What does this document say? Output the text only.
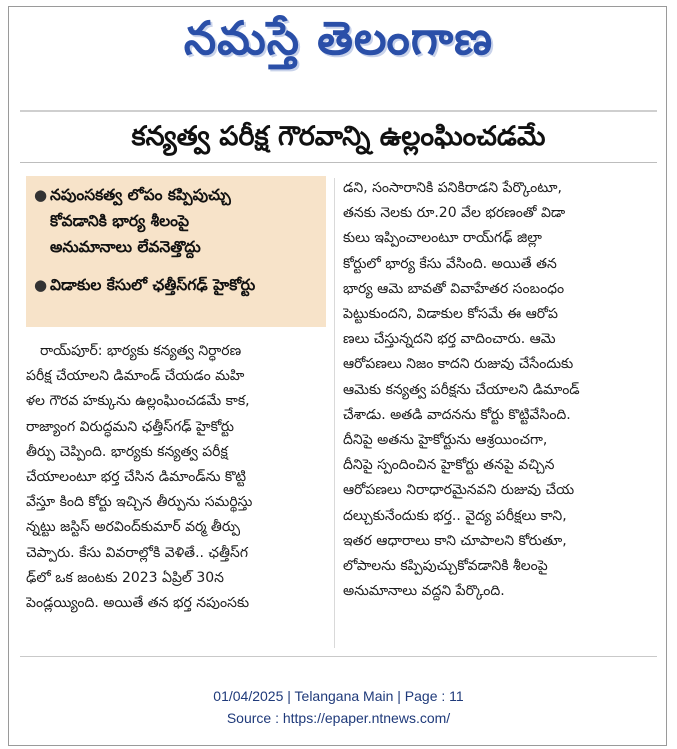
నమస్తే తెలంగాణ
కన్యత్వ పరీక్ష గౌరవాన్ని ఉల్లంఘించడమే
● నపుంసకత్వ లోపం కప్పిపుచ్చు
కోవడానికి భార్య శీలంపై
అనుమానాలు లేవనెత్తొద్దు
● విడాకుల కేసులో ఛత్తీస్‌గఢ్ హైకోర్టు
రాయ్‌పూర్: భార్యకు కన్యత్వ నిర్ధారణ
పరీక్ష చేయాలని డిమాండ్ చేయడం మహి
ళల గౌరవ హక్కును ఉల్లంఘించడమే కాక,
రాజ్యాంగ విరుద్ధమని ఛత్తీస్‌గఢ్ హైకోర్టు
తీర్పు చెప్పింది. భార్యకు కన్యత్వ పరీక్ష
చేయాలంటూ భర్త చేసిన డిమాండ్‌ను కొట్టి
వేస్తూ కింది కోర్టు ఇచ్చిన తీర్పును సమర్థిస్తు
న్నట్టు జస్టిస్ అరవింద్‌కుమార్ వర్మ తీర్పు
చెప్పారు. కేసు వివరాల్లోకి వెళితే.. ఛత్తీస్‌గ
ఢ్‌లో ఒక జంటకు 2023 ఏప్రిల్ 30న
పెండ్లయ్యింది. అయితే తన భర్త నపుంసకు
డని, సంసారానికి పనికిరాడని పేర్కొంటూ,
తనకు నెలకు రూ.20 వేల భరణంతో విడా
కులు ఇప్పించాలంటూ రాయ్‌గఢ్ జిల్లా
కోర్టులో భార్య కేసు వేసింది. అయితే తన
భార్య ఆమె బావతో వివాహేతర సంబంధం
పెట్టుకుందని, విడాకుల కోసమే ఈ ఆరోప
ణలు చేస్తున్నదని భర్త వాదించారు. ఆమె
ఆరోపణలు నిజం కాదని రుజువు చేసేందుకు
ఆమెకు కన్యత్వ పరీక్షను చేయాలని డిమాండ్
చేశాడు. అతడి వాదనను కోర్టు కొట్టివేసింది.
దీనిపై అతను హైకోర్టును ఆశ్రయించగా,
దీనిపై స్పందించిన హైకోర్టు తనపై వచ్చిన
ఆరోపణలు నిరాధారమైనవని రుజువు చేయ
దల్చుకునేందుకు భర్త.. వైద్య పరీక్షలు కాని,
ఇతర ఆధారాలు కాని చూపాలని కోరుతూ,
లోపాలను కప్పిపుచ్చుకోవడానికి శీలంపై
అనుమానాలు వద్దని పేర్కొంది.
01/04/2025 | Telangana Main | Page : 11
Source : https://epaper.ntnews.com/
